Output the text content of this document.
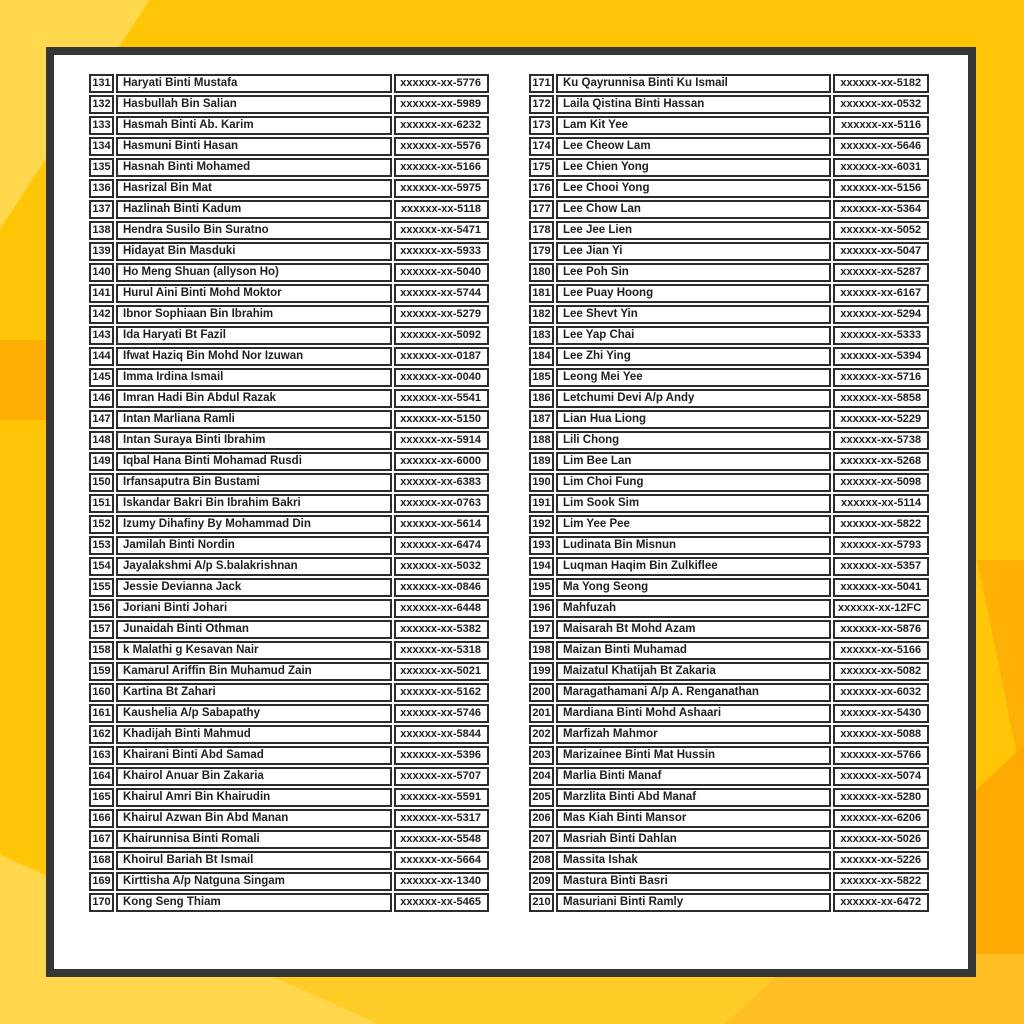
131	Haryati Binti Mustafa	xxxxxx-xx-5776
132	Hasbullah Bin Salian	xxxxxx-xx-5989
133	Hasmah Binti Ab. Karim	xxxxxx-xx-6232
134	Hasmuni Binti Hasan	xxxxxx-xx-5576
135	Hasnah Binti Mohamed	xxxxxx-xx-5166
136	Hasrizal Bin Mat	xxxxxx-xx-5975
137	Hazlinah Binti Kadum	xxxxxx-xx-5118
138	Hendra Susilo Bin Suratno	xxxxxx-xx-5471
139	Hidayat Bin Masduki	xxxxxx-xx-5933
140	Ho Meng Shuan (allyson Ho)	xxxxxx-xx-5040
141	Hurul Aini Binti Mohd Moktor	xxxxxx-xx-5744
142	Ibnor Sophiaan Bin Ibrahim	xxxxxx-xx-5279
143	Ida Haryati Bt Fazil	xxxxxx-xx-5092
144	Ifwat Haziq Bin Mohd Nor Izuwan	xxxxxx-xx-0187
145	Imma Irdina Ismail	xxxxxx-xx-0040
146	Imran Hadi Bin Abdul Razak	xxxxxx-xx-5541
147	Intan Marliana Ramli	xxxxxx-xx-5150
148	Intan Suraya Binti Ibrahim	xxxxxx-xx-5914
149	Iqbal Hana Binti Mohamad Rusdi	xxxxxx-xx-6000
150	Irfansaputra Bin Bustami	xxxxxx-xx-6383
151	Iskandar Bakri Bin Ibrahim Bakri	xxxxxx-xx-0763
152	Izumy Dihafiny By Mohammad Din	xxxxxx-xx-5614
153	Jamilah Binti Nordin	xxxxxx-xx-6474
154	Jayalakshmi A/p S.balakrishnan	xxxxxx-xx-5032
155	Jessie Devianna Jack	xxxxxx-xx-0846
156	Joriani Binti Johari	xxxxxx-xx-6448
157	Junaidah Binti Othman	xxxxxx-xx-5382
158	k Malathi g Kesavan Nair	xxxxxx-xx-5318
159	Kamarul Ariffin Bin Muhamud Zain	xxxxxx-xx-5021
160	Kartina Bt Zahari	xxxxxx-xx-5162
161	Kaushelia A/p Sabapathy	xxxxxx-xx-5746
162	Khadijah Binti Mahmud	xxxxxx-xx-5844
163	Khairani Binti Abd Samad	xxxxxx-xx-5396
164	Khairol Anuar Bin Zakaria	xxxxxx-xx-5707
165	Khairul Amri Bin Khairudin	xxxxxx-xx-5591
166	Khairul Azwan Bin Abd Manan	xxxxxx-xx-5317
167	Khairunnisa Binti Romali	xxxxxx-xx-5548
168	Khoirul Bariah Bt Ismail	xxxxxx-xx-5664
169	Kirttisha A/p Natguna Singam	xxxxxx-xx-1340
170	Kong Seng Thiam	xxxxxx-xx-5465
171	Ku Qayrunnisa Binti Ku Ismail	xxxxxx-xx-5182
172	Laila Qistina Binti Hassan	xxxxxx-xx-0532
173	Lam Kit Yee	xxxxxx-xx-5116
174	Lee Cheow Lam	xxxxxx-xx-5646
175	Lee Chien Yong	xxxxxx-xx-6031
176	Lee Chooi Yong	xxxxxx-xx-5156
177	Lee Chow Lan	xxxxxx-xx-5364
178	Lee Jee Lien	xxxxxx-xx-5052
179	Lee Jian Yi	xxxxxx-xx-5047
180	Lee Poh Sin	xxxxxx-xx-5287
181	Lee Puay Hoong	xxxxxx-xx-6167
182	Lee Shevt Yin	xxxxxx-xx-5294
183	Lee Yap Chai	xxxxxx-xx-5333
184	Lee Zhi Ying	xxxxxx-xx-5394
185	Leong Mei Yee	xxxxxx-xx-5716
186	Letchumi Devi A/p Andy	xxxxxx-xx-5858
187	Lian Hua Liong	xxxxxx-xx-5229
188	Lili Chong	xxxxxx-xx-5738
189	Lim Bee Lan	xxxxxx-xx-5268
190	Lim Choi Fung	xxxxxx-xx-5098
191	Lim Sook Sim	xxxxxx-xx-5114
192	Lim Yee Pee	xxxxxx-xx-5822
193	Ludinata Bin Misnun	xxxxxx-xx-5793
194	Luqman Haqim Bin Zulkiflee	xxxxxx-xx-5357
195	Ma Yong Seong	xxxxxx-xx-5041
196	Mahfuzah	xxxxxx-xx-12FC
197	Maisarah Bt Mohd Azam	xxxxxx-xx-5876
198	Maizan Binti Muhamad	xxxxxx-xx-5166
199	Maizatul Khatijah Bt Zakaria	xxxxxx-xx-5082
200	Maragathamani A/p A. Renganathan	xxxxxx-xx-6032
201	Mardiana Binti Mohd Ashaari	xxxxxx-xx-5430
202	Marfizah Mahmor	xxxxxx-xx-5088
203	Marizainee Binti Mat Hussin	xxxxxx-xx-5766
204	Marlia Binti Manaf	xxxxxx-xx-5074
205	Marzlita Binti Abd Manaf	xxxxxx-xx-5280
206	Mas Kiah Binti Mansor	xxxxxx-xx-6206
207	Masriah Binti Dahlan	xxxxxx-xx-5026
208	Massita Ishak	xxxxxx-xx-5226
209	Mastura Binti Basri	xxxxxx-xx-5822
210	Masuriani Binti Ramly	xxxxxx-xx-6472
